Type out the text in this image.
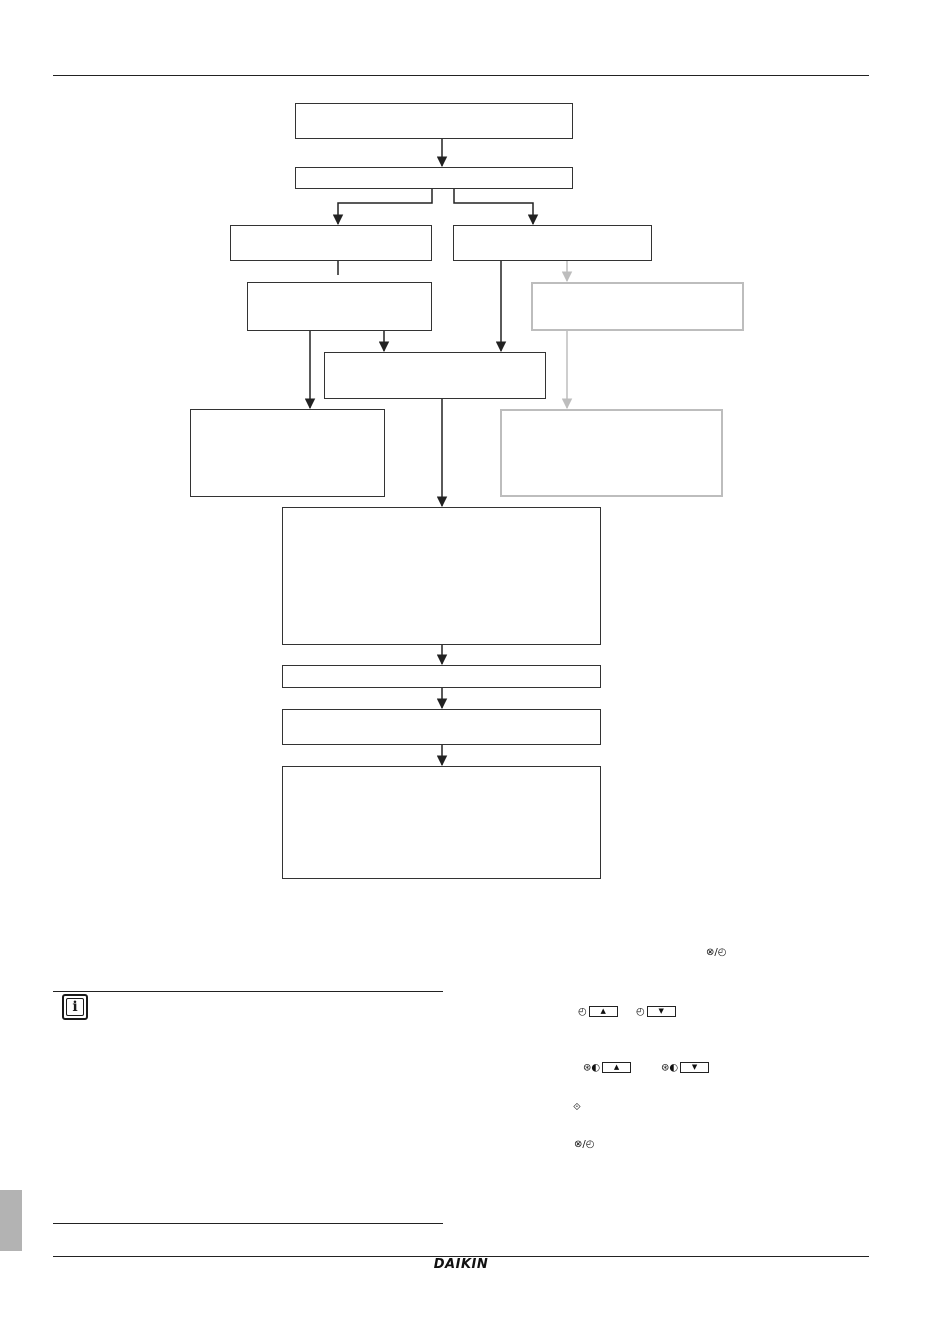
i
⊗/◴
◴ ▲	◴ ▼
⊛◐ ▲	⊛◐ ▼
⟐
⊗/◴
DAIKIN
